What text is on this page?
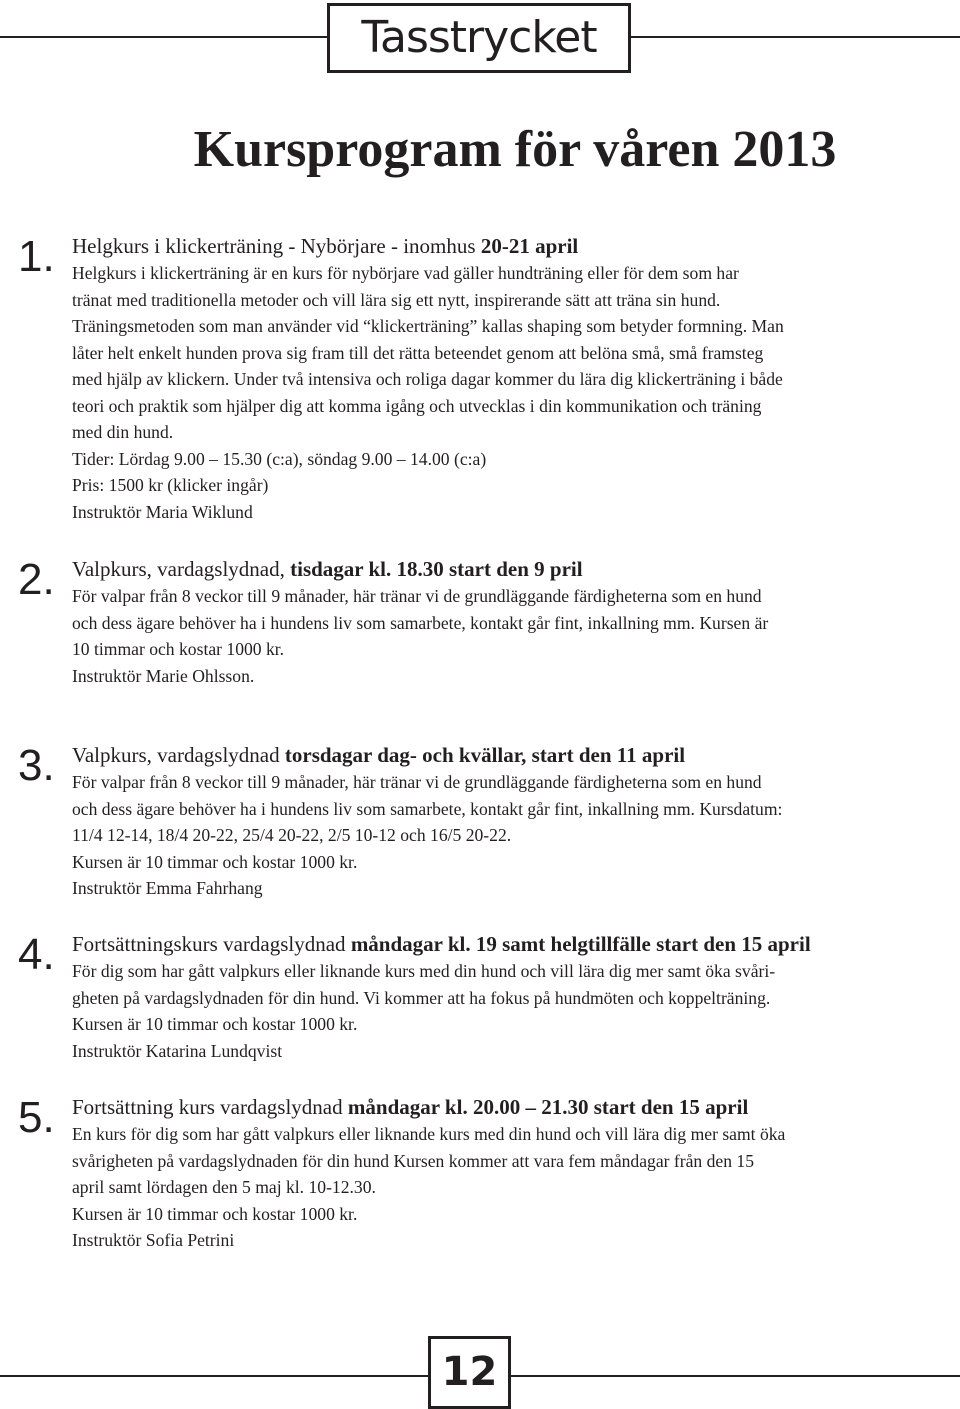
Tasstrycket
Kursprogram för våren 2013
1. Helgkurs i klickerträning - Nybörjare - inomhus 20-21 april

Helgkurs i klickerträning är en kurs för nybörjare vad gäller hundträning eller för dem som har
tränat med traditionella metoder och vill lära sig ett nytt, inspirerande sätt att träna sin hund.
Träningsmetoden som man använder vid “klickerträning” kallas shaping som betyder formning. Man
låter helt enkelt hunden prova sig fram till det rätta beteendet genom att belöna små, små framsteg
med hjälp av klickern. Under två intensiva och roliga dagar kommer du lära dig klickerträning i både
teori och praktik som hjälper dig att komma igång och utvecklas i din kommunikation och träning
med din hund.
Tider: Lördag 9.00 – 15.30 (c:a), söndag 9.00 – 14.00 (c:a)
Pris: 1500 kr (klicker ingår)
Instruktör Maria Wiklund

2. Valpkurs, vardagslydnad, tisdagar kl. 18.30 start den 9 pril

För valpar från 8 veckor till 9 månader, här tränar vi de grundläggande färdigheterna som en hund
och dess ägare behöver ha i hundens liv som samarbete, kontakt går fint, inkallning mm. Kursen är
10 timmar och kostar 1000 kr.
Instruktör Marie Ohlsson.

3. Valpkurs, vardagslydnad torsdagar dag- och kvällar, start den 11 april

För valpar från 8 veckor till 9 månader, här tränar vi de grundläggande färdigheterna som en hund
och dess ägare behöver ha i hundens liv som samarbete, kontakt går fint, inkallning mm. Kursdatum:
11/4 12-14, 18/4 20-22, 25/4 20-22, 2/5 10-12 och 16/5 20-22.
Kursen är 10 timmar och kostar 1000 kr.
Instruktör Emma Fahrhang

4. Fortsättningskurs vardagslydnad måndagar kl. 19 samt helgtillfälle start den 15 april

För dig som har gått valpkurs eller liknande kurs med din hund och vill lära dig mer samt öka svåri-
gheten på vardagslydnaden för din hund. Vi kommer att ha fokus på hundmöten och koppelträning.
Kursen är 10 timmar och kostar 1000 kr.
Instruktör Katarina Lundqvist

5. Fortsättning kurs vardagslydnad måndagar kl. 20.00 – 21.30 start den 15 april

En kurs för dig som har gått valpkurs eller liknande kurs med din hund och vill lära dig mer samt öka
svårigheten på vardagslydnaden för din hund Kursen kommer att vara fem måndagar från den 15
april samt lördagen den 5 maj kl. 10-12.30.
Kursen är 10 timmar och kostar 1000 kr.
Instruktör Sofia Petrini

12
